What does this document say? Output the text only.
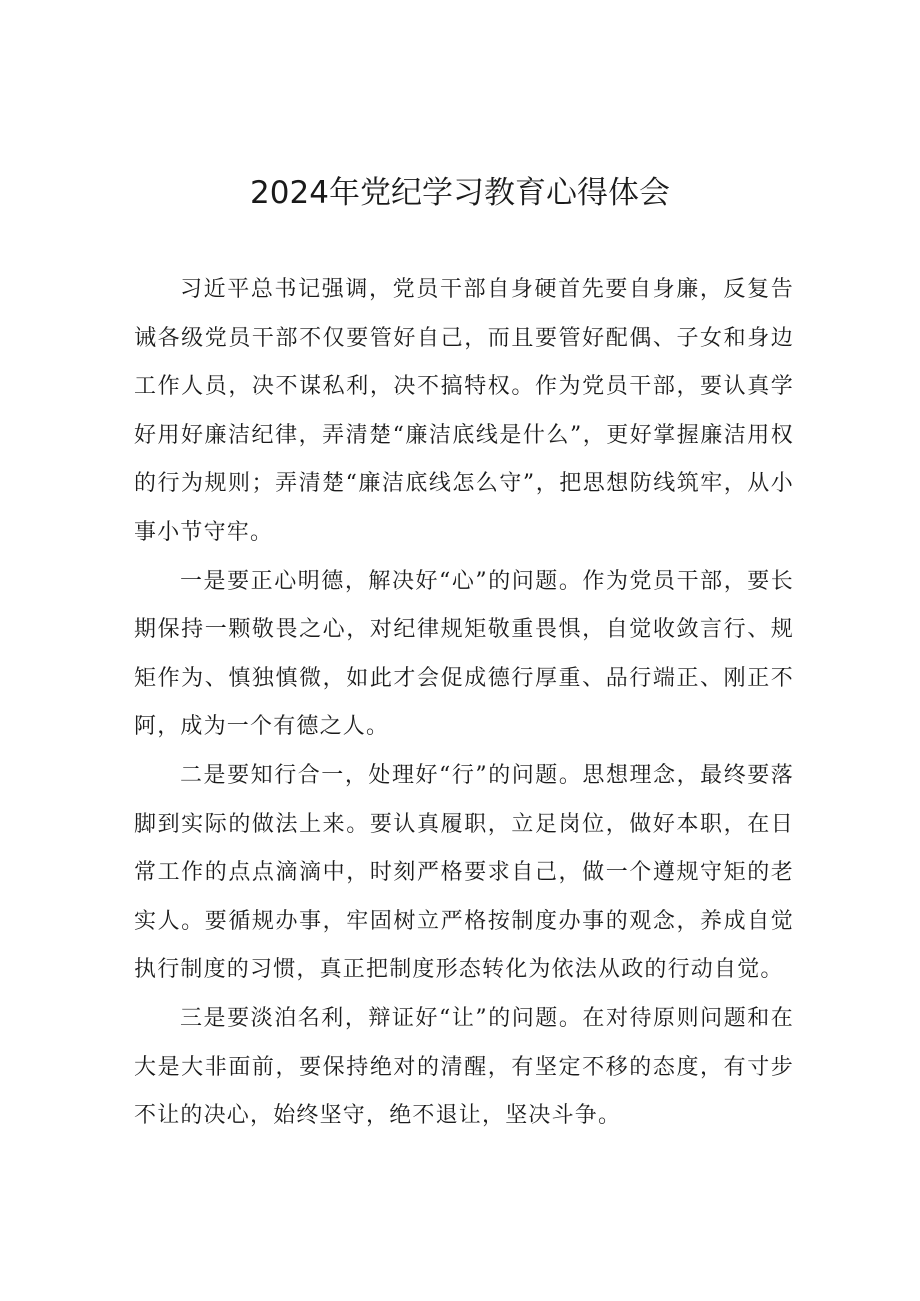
2024年党纪学习教育心得体会

习近平总书记强调，党员干部自身硬首先要自身廉，反复告诫各级党员干部不仅要管好自己，而且要管好配偶、子女和身边工作人员，决不谋私利，决不搞特权。作为党员干部，要认真学好用好廉洁纪律，弄清楚“廉洁底线是什么”，更好掌握廉洁用权的行为规则；弄清楚“廉洁底线怎么守”，把思想防线筑牢，从小事小节守牢。

一是要正心明德，解决好“心”的问题。作为党员干部，要长期保持一颗敬畏之心，对纪律规矩敬重畏惧，自觉收敛言行、规矩作为、慎独慎微，如此才会促成德行厚重、品行端正、刚正不阿，成为一个有德之人。

二是要知行合一，处理好“行”的问题。思想理念，最终要落脚到实际的做法上来。要认真履职，立足岗位，做好本职，在日常工作的点点滴滴中，时刻严格要求自己，做一个遵规守矩的老实人。要循规办事，牢固树立严格按制度办事的观念，养成自觉执行制度的习惯，真正把制度形态转化为依法从政的行动自觉。

三是要淡泊名利，辩证好“让”的问题。在对待原则问题和在大是大非面前，要保持绝对的清醒，有坚定不移的态度，有寸步不让的决心，始终坚守，绝不退让，坚决斗争。
